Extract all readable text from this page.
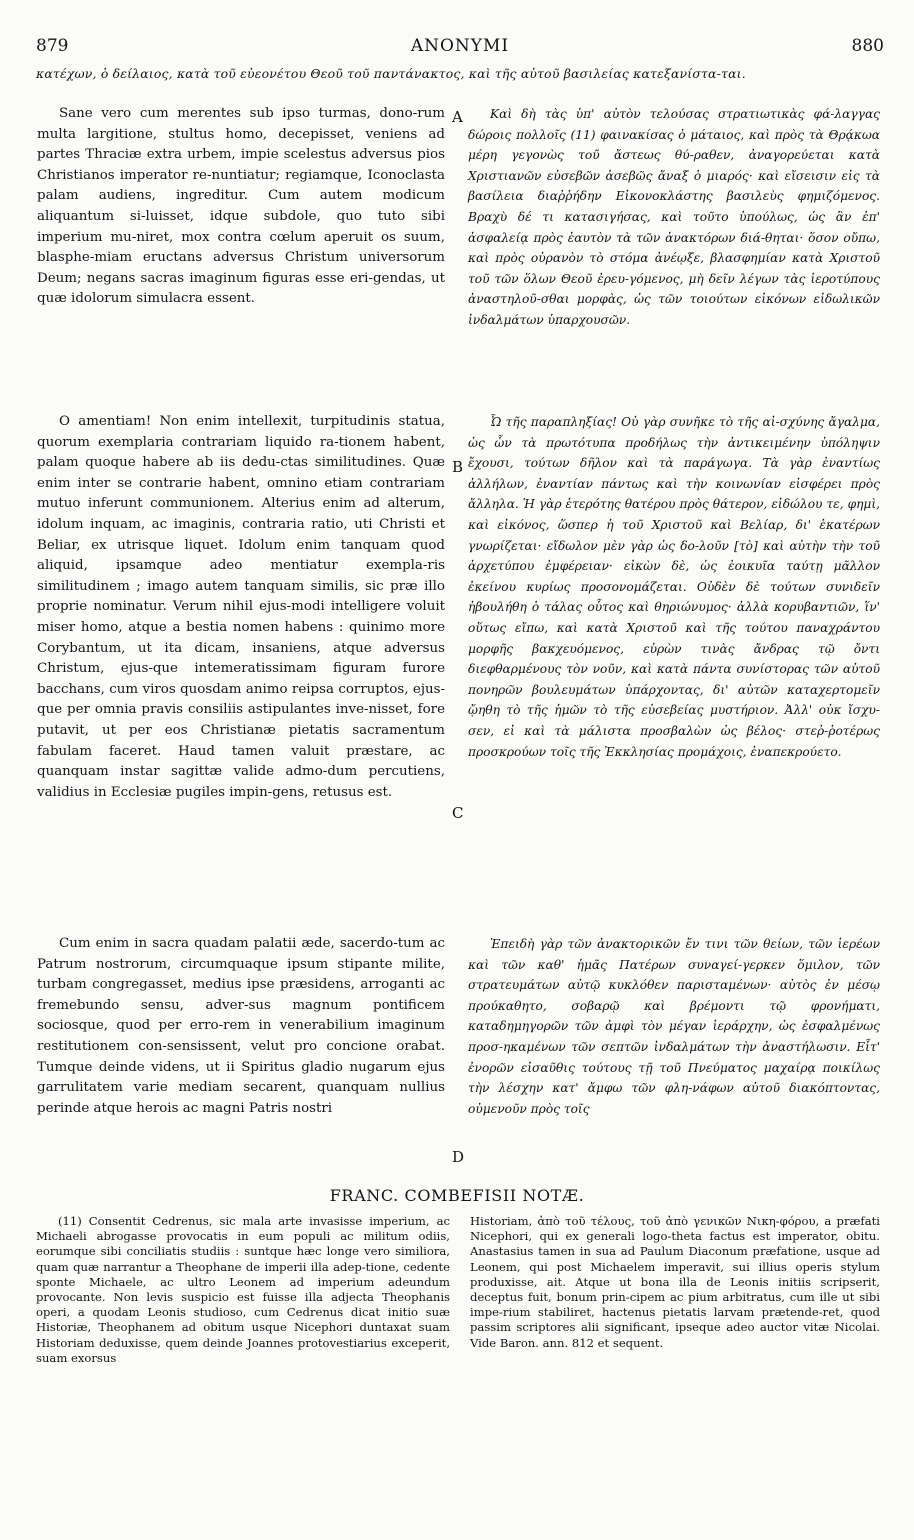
879	ANONYMI	880
κατέχων, ὁ δείλαιος, κατὰ τοῦ εὐεονέτου Θεοῦ τοῦ παντάνακτος, καὶ τῆς αὐτοῦ βασιλείας κατεξανίστα-ται.

Sane vero cum merentes sub ipso turmas, dono-rum multa largitione, stultus homo, decepisset, veniens ad partes Thraciæ extra urbem, impie scelestus adversus pios Christianos imperator re-nuntiatur; regiamque, Iconoclasta palam audiens, ingreditur. Cum autem modicum aliquantum si-luisset, idque subdole, quo tuto sibi imperium mu-niret, mox contra cœlum aperuit os suum, blasphe-miam eructans adversus Christum universorum Deum; negans sacras imaginum figuras esse eri-gendas, ut quæ idolorum simulacra essent.

O amentiam! Non enim intellexit, turpitudinis statua, quorum exemplaria contrariam liquido ra-tionem habent, palam quoque habere ab iis dedu-ctas similitudines. Quæ enim inter se contrarie habent, omnino etiam contrariam mutuo inferunt communionem. Alterius enim ad alterum, idolum inquam, ac imaginis, contraria ratio, uti Christi et Beliar, ex utrisque liquet. Idolum enim tanquam quod aliquid, ipsamque adeo mentiatur exempla-ris similitudinem ; imago autem tanquam similis, sic præ illo proprie nominatur. Verum nihil ejus-modi intelligere voluit miser homo, atque a bestia nomen habens : quinimo more Corybantum, ut ita dicam, insaniens, atque adversus Christum, ejus-que intemeratissimam figuram furore bacchans, cum viros quosdam animo reipsa corruptos, ejus-que per omnia pravis consiliis astipulantes inve-nisset, fore putavit, ut per eos Christianæ pietatis sacramentum fabulam faceret. Haud tamen valuit præstare, ac quanquam instar sagittæ valide admo-dum percutiens, validius in Ecclesiæ pugiles impin-gens, retusus est.

Cum enim in sacra quadam palatii æde, sacerdo-tum ac Patrum nostrorum, circumquaque ipsum stipante milite, turbam congregasset, medius ipse præsidens, arroganti ac fremebundo sensu, adver-sus magnum pontificem sociosque, quod per erro-rem in venerabilium imaginum restitutionem con-sensissent, velut pro concione orabat. Tumque deinde videns, ut ii Spiritus gladio nugarum ejus garrulitatem varie mediam secarent, quanquam nullius perinde atque herois ac magni Patris nostri

A
B
C
D

Καὶ δὴ τὰς ὑπ' αὐτὸν τελούσας στρατιωτικὰς φά-λαγγας δώροις πολλοῖς (11) φαινακίσας ὁ μάταιος, καὶ πρὸς τὰ Θρᾴκωα μέρη γεγονὼς τοῦ ἄστεως θύ-ραθεν, ἀναγορεύεται κατὰ Χριστιανῶν εὐσεβῶν ἀσεβῶς ἄναξ ὁ μιαρός· καὶ εἴσεισιν εἰς τὰ βασίλεια διαῤῥήδην Εἰκονοκλάστης βασιλεὺς φημιζόμενος. Βραχὺ δέ τι κατασιγήσας, καὶ τοῦτο ὑπούλως, ὡς ἂν ἐπ' ἀσφαλείᾳ πρὸς ἑαυτὸν τὰ τῶν ἀνακτόρων διά-θηται· ὅσον οὔπω, καὶ πρὸς οὐρανὸν τὸ στόμα ἀνέῳξε, βλασφημίαν κατὰ Χριστοῦ τοῦ τῶν ὅλων Θεοῦ ἐρευ-γόμενος, μὴ δεῖν λέγων τὰς ἱεροτύπους ἀναστηλοῦ-σθαι μορφὰς, ὡς τῶν τοιούτων εἰκόνων εἰδωλικῶν ἰνδαλμάτων ὑπαρχουσῶν.

Ὦ τῆς παραπληξίας! Οὐ γὰρ συνῆκε τὸ τῆς αἰ-σχύνης ἄγαλμα, ὡς ὧν τὰ πρωτότυπα προδήλως τὴν ἀντικειμένην ὑπόληψιν ἔχουσι, τούτων δῆλον καὶ τὰ παράγωγα. Τὰ γὰρ ἐναντίως ἀλλήλων, ἐναντίαν πάντως καὶ τὴν κοινωνίαν εἰσφέρει πρὸς ἄλληλα. Ἡ γὰρ ἑτερότης θατέρου πρὸς θάτερον, εἰδώλου τε, φημὶ, καὶ εἰκόνος, ὥσπερ ἡ τοῦ Χριστοῦ καὶ Βελίαρ, δι' ἑκατέρων γνωρίζεται· εἴδωλον μὲν γὰρ ὡς δο-λοῦν [τὸ] καὶ αὐτὴν τὴν τοῦ ἀρχετύπου ἐμφέρειαν· εἰκὼν δὲ, ὡς ἐοικυῖα ταύτῃ μᾶλλον ἐκείνου κυρίως προσονομάζεται. Οὐδὲν δὲ τούτων συνιδεῖν ἠβουλήθη ὁ τάλας οὗτος καὶ θηριώνυμος· ἀλλὰ κορυβαντιῶν, ἵν' οὕτως εἴπω, καὶ κατὰ Χριστοῦ καὶ τῆς τούτου παναχράντου μορφῆς βακχευόμενος, εὑρὼν τινὰς ἄνδρας τῷ ὄντι διεφθαρμένους τὸν νοῦν, καὶ κατὰ πάντα συνίστορας τῶν αὐτοῦ πονηρῶν βουλευμάτων ὑπάρχοντας, δι' αὐτῶν καταχερτομεῖν ᾤηθη τὸ τῆς ἡμῶν τὸ τῆς εὐσεβείας μυστήριον. Ἀλλ' οὐκ ἴσχυ-σεν, εἰ καὶ τὰ μάλιστα προσβαλὼν ὡς βέλος· στεῤ-ῥοτέρως προσκρούων τοῖς τῆς Ἐκκλησίας προμάχοις, ἐναπεκρούετο.

Ἐπειδὴ γὰρ τῶν ἀνακτορικῶν ἔν τινι τῶν θείων, τῶν ἱερέων καὶ τῶν καθ' ἡμᾶς Πατέρων συναγεί-γερκεν ὅμιλον, τῶν στρατευμάτων αὐτῷ κυκλόθεν παρισταμένων· αὐτὸς ἐν μέσῳ προύκαθητο, σοβαρῷ καὶ βρέμοντι τῷ φρονήματι, καταδημηγορῶν τῶν ἀμφὶ τὸν μέγαν ἱεράρχην, ὡς ἐσφαλμένως προσ-ηκαμένων τῶν σεπτῶν ἰνδαλμάτων τὴν ἀναστήλωσιν. Εἶτ' ἐνορῶν εἰσαῦθις τούτους τῇ τοῦ Πνεύματος μαχαίρᾳ ποικίλως τὴν λέσχην κατ' ἄμφω τῶν φλη-νάφων αὐτοῦ διακόπτοντας, οὐμενοῦν πρὸς τοῖς

FRANC. COMBEFISII NOTÆ.

(11) Consentit Cedrenus, sic mala arte invasisse imperium, ac Michaeli abrogasse provocatis in eum populi ac militum odiis, eorumque sibi conciliatis studiis : suntque hæc longe vero similiora, quam quæ narrantur a Theophane de imperii illa adep-tione, cedente sponte Michaele, ac ultro Leonem ad imperium adeundum provocante. Non levis suspicio est fuisse illa adjecta Theophanis operi, a quodam Leonis studioso, cum Cedrenus dicat initio suæ Historiæ, Theophanem ad obitum usque Nicephori duntaxat suam Historiam deduxisse, quem deinde Joannes protovestiarius exceperit, suam exorsus

Historiam, ἀπὸ τοῦ τέλους, τοῦ ἀπὸ γενικῶν Νικη-φόρου, a præfati Nicephori, qui ex generali logo-theta factus est imperator, obitu. Anastasius tamen in sua ad Paulum Diaconum præfatione, usque ad Leonem, qui post Michaelem imperavit, sui illius operis stylum produxisse, ait. Atque ut bona illa de Leonis initiis scripserit, deceptus fuit, bonum prin-cipem ac pium arbitratus, cum ille ut sibi impe-rium stabiliret, hactenus pietatis larvam prætende-ret, quod passim scriptores alii significant, ipseque adeo auctor vitæ Nicolai. Vide Baron. ann. 812 et sequent.
